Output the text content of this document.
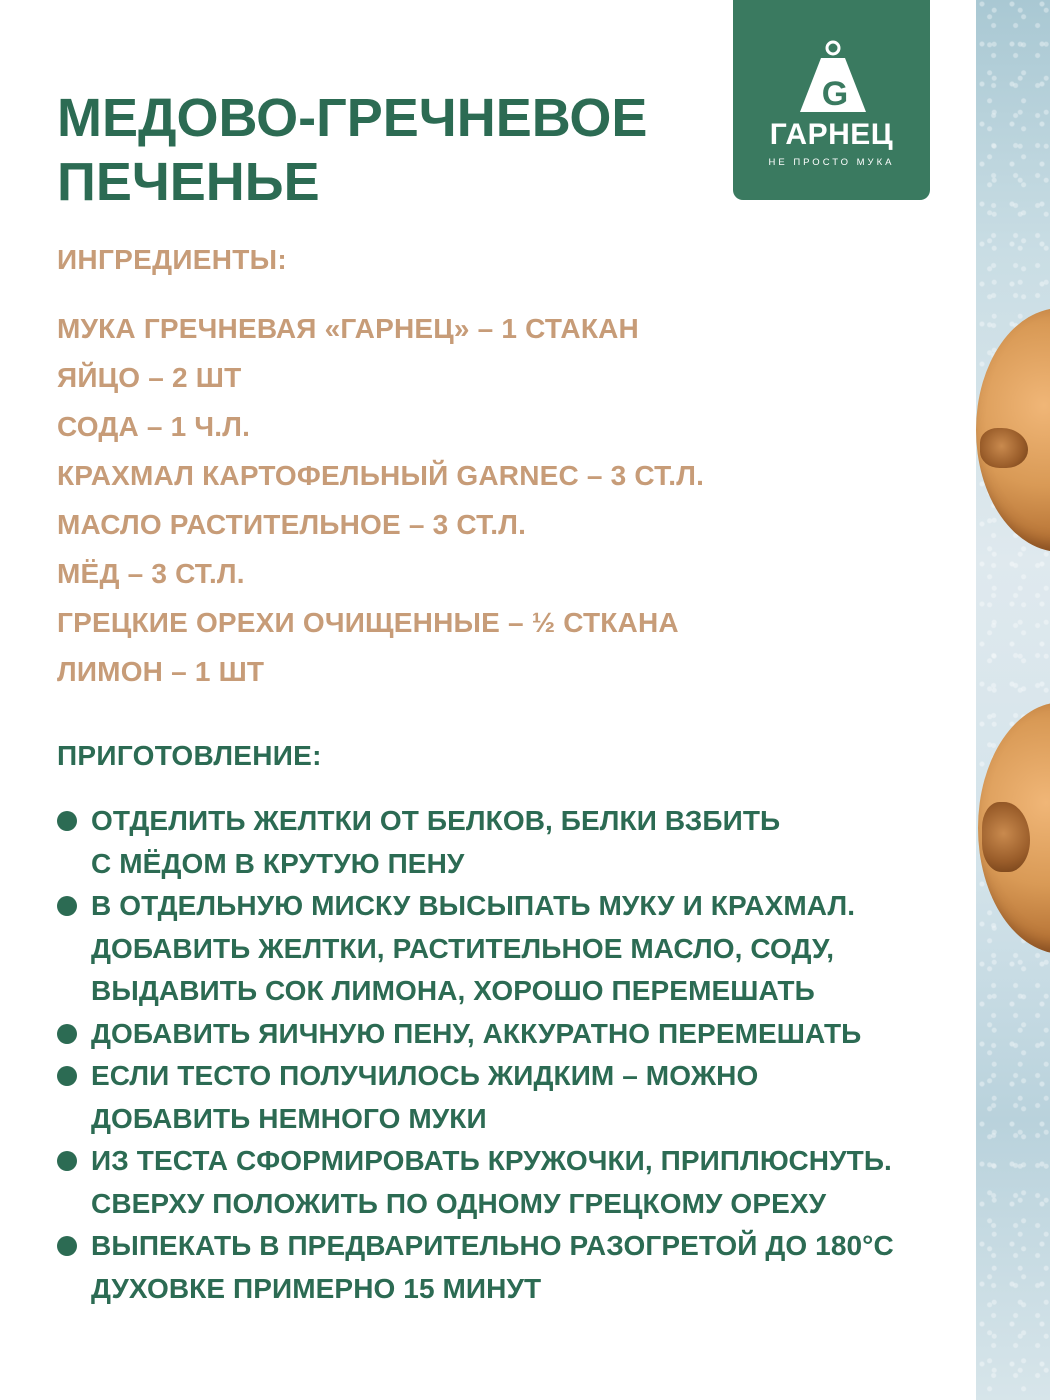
G
ГАРНЕЦ
НЕ ПРОСТО МУКА
МЕДОВО-ГРЕЧНЕВОЕ
ПЕЧЕНЬЕ
ИНГРЕДИЕНТЫ:
МУКА ГРЕЧНЕВАЯ «ГАРНЕЦ» – 1 СТАКАН
ЯЙЦО – 2 ШТ
СОДА – 1 Ч.Л.
КРАХМАЛ КАРТОФЕЛЬНЫЙ GARNEC – 3 СТ.Л.
МАСЛО РАСТИТЕЛЬНОЕ – 3 СТ.Л.
МЁД – 3 СТ.Л.
ГРЕЦКИЕ ОРЕХИ ОЧИЩЕННЫЕ – ½ СТКАНА
ЛИМОН – 1 ШТ
ПРИГОТОВЛЕНИЕ:
ОТДЕЛИТЬ ЖЕЛТКИ ОТ БЕЛКОВ, БЕЛКИ ВЗБИТЬ
С МЁДОМ В КРУТУЮ ПЕНУ
В ОТДЕЛЬНУЮ МИСКУ ВЫСЫПАТЬ МУКУ И КРАХМАЛ.
ДОБАВИТЬ ЖЕЛТКИ, РАСТИТЕЛЬНОЕ МАСЛО, СОДУ,
ВЫДАВИТЬ СОК ЛИМОНА, ХОРОШО ПЕРЕМЕШАТЬ
ДОБАВИТЬ ЯИЧНУЮ ПЕНУ, АККУРАТНО ПЕРЕМЕШАТЬ
ЕСЛИ ТЕСТО ПОЛУЧИЛОСЬ ЖИДКИМ – МОЖНО
ДОБАВИТЬ НЕМНОГО МУКИ
ИЗ ТЕСТА СФОРМИРОВАТЬ КРУЖОЧКИ, ПРИПЛЮСНУТЬ.
СВЕРХУ ПОЛОЖИТЬ ПО ОДНОМУ ГРЕЦКОМУ ОРЕХУ
ВЫПЕКАТЬ В ПРЕДВАРИТЕЛЬНО РАЗОГРЕТОЙ ДО 180°С
ДУХОВКЕ ПРИМЕРНО 15 МИНУТ
